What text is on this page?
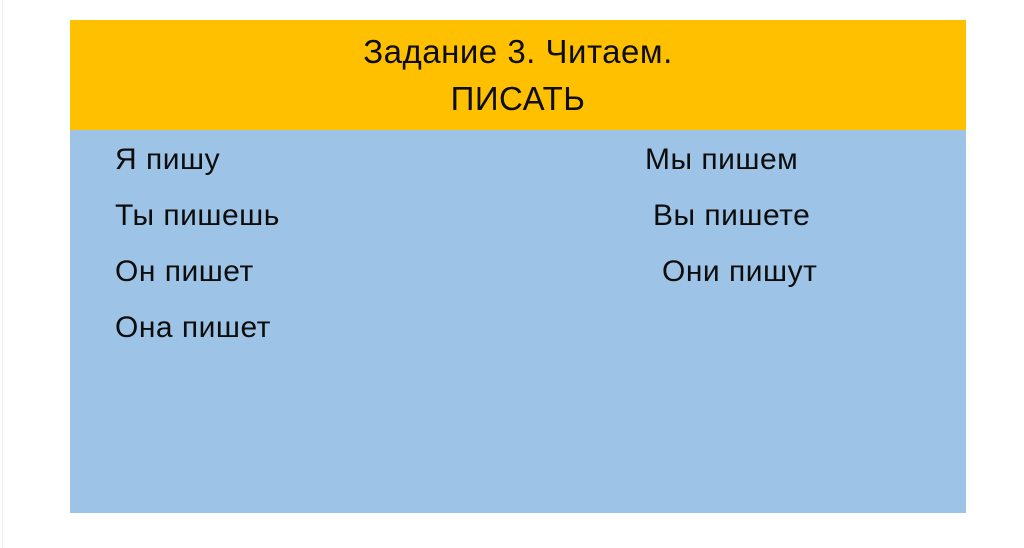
Задание 3. Читаем.
ПИСАТЬ
Я пишу	Мы пишем
Ты пишешь	Вы пишете
Он пишет	Они пишут
Она пишет
